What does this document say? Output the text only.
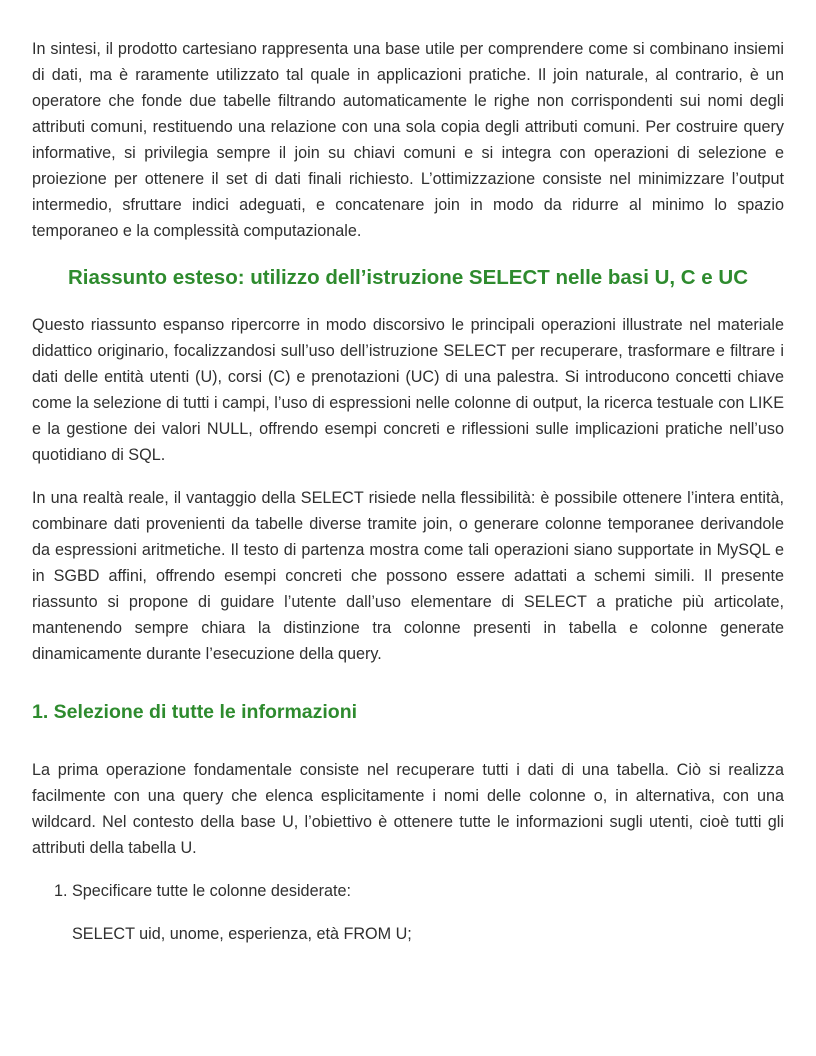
In sintesi, il prodotto cartesiano rappresenta una base utile per comprendere come si combinano insiemi di dati, ma è raramente utilizzato tal quale in applicazioni pratiche. Il join naturale, al contrario, è un operatore che fonde due tabelle filtrando automaticamente le righe non corrispondenti sui nomi degli attributi comuni, restituendo una relazione con una sola copia degli attributi comuni. Per costruire query informative, si privilegia sempre il join su chiavi comuni e si integra con operazioni di selezione e proiezione per ottenere il set di dati finali richiesto. L’ottimizzazione consiste nel minimizzare l’output intermedio, sfruttare indici adeguati, e concatenare join in modo da ridurre al minimo lo spazio temporaneo e la complessità computazionale.

Riassunto esteso: utilizzo dell’istruzione SELECT nelle basi U, C e UC

Questo riassunto espanso ripercorre in modo discorsivo le principali operazioni illustrate nel materiale didattico originario, focalizzandosi sull’uso dell’istruzione SELECT per recuperare, trasformare e filtrare i dati delle entità utenti (U), corsi (C) e prenotazioni (UC) di una palestra. Si introducono concetti chiave come la selezione di tutti i campi, l’uso di espressioni nelle colonne di output, la ricerca testuale con LIKE e la gestione dei valori NULL, offrendo esempi concreti e riflessioni sulle implicazioni pratiche nell’uso quotidiano di SQL.

In una realtà reale, il vantaggio della SELECT risiede nella flessibilità: è possibile ottenere l’intera entità, combinare dati provenienti da tabelle diverse tramite join, o generare colonne temporanee derivandole da espressioni aritmetiche. Il testo di partenza mostra come tali operazioni siano supportate in MySQL e in SGBD affini, offrendo esempi concreti che possono essere adattati a schemi simili. Il presente riassunto si propone di guidare l’utente dall’uso elementare di SELECT a pratiche più articolate, mantenendo sempre chiara la distinzione tra colonne presenti in tabella e colonne generate dinamicamente durante l’esecuzione della query.

1. Selezione di tutte le informazioni

La prima operazione fondamentale consiste nel recuperare tutti i dati di una tabella. Ciò si realizza facilmente con una query che elenca esplicitamente i nomi delle colonne o, in alternativa, con una wildcard. Nel contesto della base U, l’obiettivo è ottenere tutte le informazioni sugli utenti, cioè tutti gli attributi della tabella U.

1. Specificare tutte le colonne desiderate:
SELECT uid, unome, esperienza, età FROM U;
